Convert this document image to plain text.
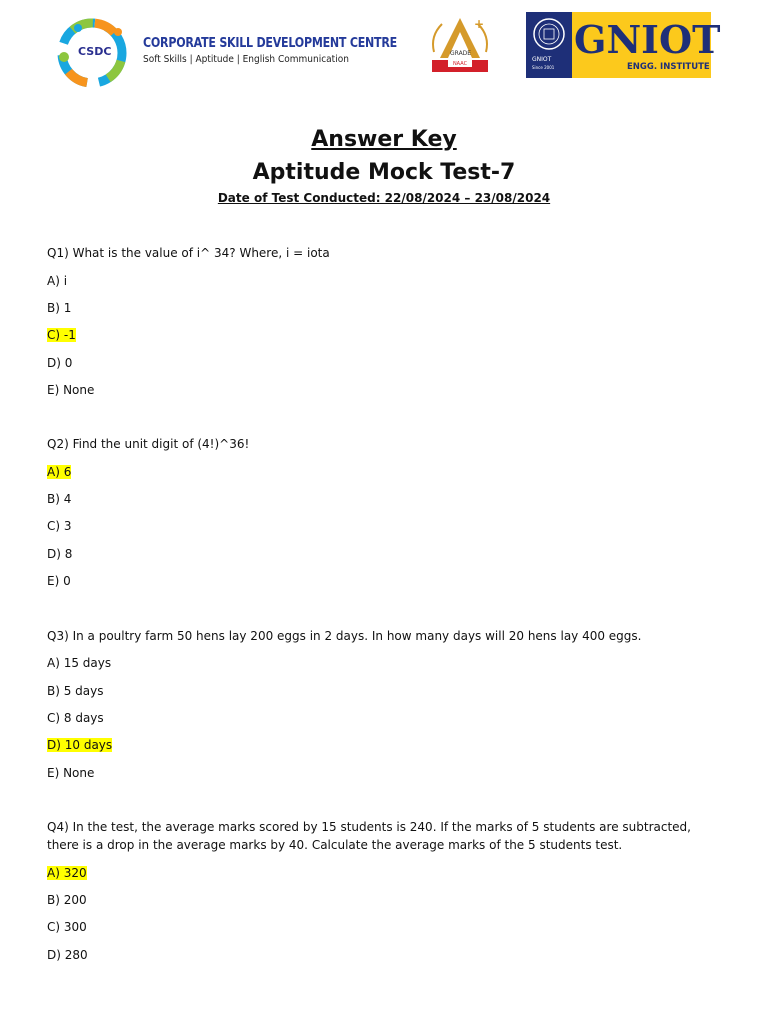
CSDC
CORPORATE SKILL DEVELOPMENT CENTRE
Soft Skills | Aptitude | English Communication
+
NAAC
GRADE
GNIOT
Since 2001
GNIOT
ENGG. INSTITUTE
Answer Key
Aptitude Mock Test-7
Date of Test Conducted: 22/08/2024 – 23/08/2024
Q1) What is the value of i^ 34? Where, i = iota
A) i
B) 1
C) -1
D) 0
E) None
Q2) Find the unit digit of (4!)^36!
A) 6
B) 4
C) 3
D) 8
E) 0
Q3) In a poultry farm 50 hens lay 200 eggs in 2 days. In how many days will 20 hens lay 400 eggs.
A) 15 days
B) 5 days
C) 8 days
D) 10 days
E) None
Q4) In the test, the average marks scored by 15 students is 240. If the marks of 5 students are subtracted, there is a drop in the average marks by 40. Calculate the average marks of the 5 students test.
A) 320
B) 200
C) 300
D) 280
